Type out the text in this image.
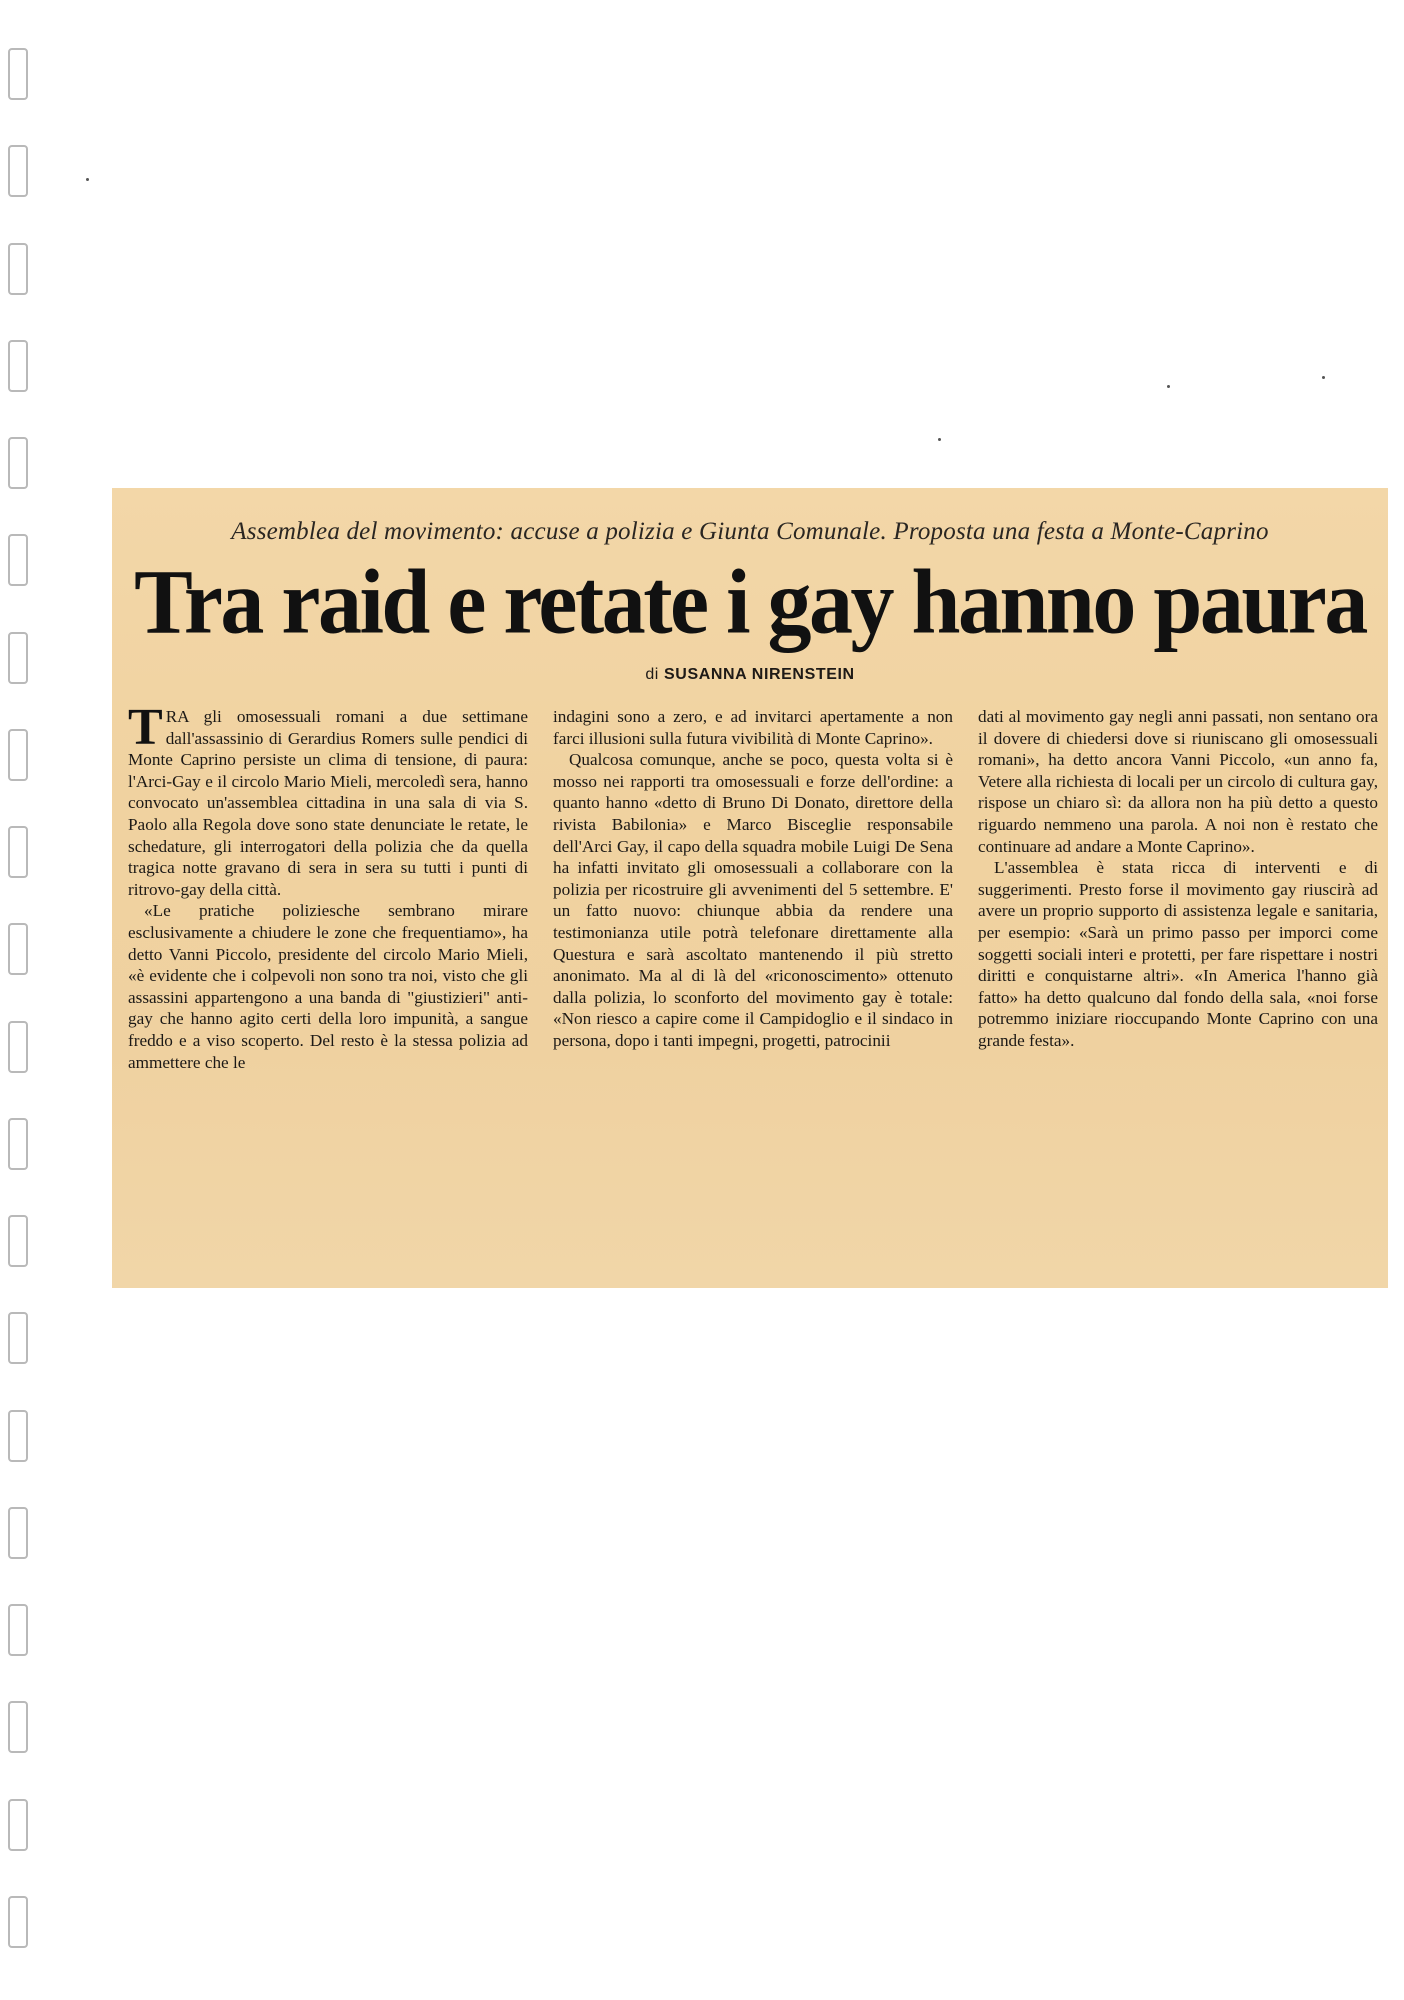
Assemblea del movimento: accuse a polizia e Giunta Comunale. Proposta una festa a Monte-Caprino
Tra raid e retate i gay hanno paura
di SUSANNA NIRENSTEIN

TRA gli omosessuali romani a due settimane dall'assassinio di Gerardius Romers sulle pendici di Monte Caprino persiste un clima di tensione, di paura: l'Arci-Gay e il circolo Mario Mieli, mercoledì sera, hanno convocato un'assemblea cittadina in una sala di via S. Paolo alla Regola dove sono state denunciate le retate, le schedature, gli interrogatori della polizia che da quella tragica notte gravano di sera in sera su tutti i punti di ritrovo-gay della città.

«Le pratiche poliziesche sembrano mirare esclusivamente a chiudere le zone che frequentiamo», ha detto Vanni Piccolo, presidente del circolo Mario Mieli, «è evidente che i colpevoli non sono tra noi, visto che gli assassini appartengono a una banda di "giustizieri" anti-gay che hanno agito certi della loro impunità, a sangue freddo e a viso scoperto. Del resto è la stessa polizia ad ammettere che le

indagini sono a zero, e ad invitarci apertamente a non farci illusioni sulla futura vivibilità di Monte Caprino».

Qualcosa comunque, anche se poco, questa volta si è mosso nei rapporti tra omosessuali e forze dell'ordine: a quanto hanno «detto di Bruno Di Donato, direttore della rivista Babilonia» e Marco Bisceglie responsabile dell'Arci Gay, il capo della squadra mobile Luigi De Sena ha infatti invitato gli omosessuali a collaborare con la polizia per ricostruire gli avvenimenti del 5 settembre. E' un fatto nuovo: chiunque abbia da rendere una testimonianza utile potrà telefonare direttamente alla Questura e sarà ascoltato mantenendo il più stretto anonimato. Ma al di là del «riconoscimento» ottenuto dalla polizia, lo sconforto del movimento gay è totale: «Non riesco a capire come il Campidoglio e il sindaco in persona, dopo i tanti impegni, progetti, patrocinii

dati al movimento gay negli anni passati, non sentano ora il dovere di chiedersi dove si riuniscano gli omosessuali romani», ha detto ancora Vanni Piccolo, «un anno fa, Vetere alla richiesta di locali per un circolo di cultura gay, rispose un chiaro sì: da allora non ha più detto a questo riguardo nemmeno una parola. A noi non è restato che continuare ad andare a Monte Caprino».

L'assemblea è stata ricca di interventi e di suggerimenti. Presto forse il movimento gay riuscirà ad avere un proprio supporto di assistenza legale e sanitaria, per esempio: «Sarà un primo passo per imporci come soggetti sociali interi e protetti, per fare rispettare i nostri diritti e conquistarne altri». «In America l'hanno già fatto» ha detto qualcuno dal fondo della sala, «noi forse potremmo iniziare rioccupando Monte Caprino con una grande festa».
